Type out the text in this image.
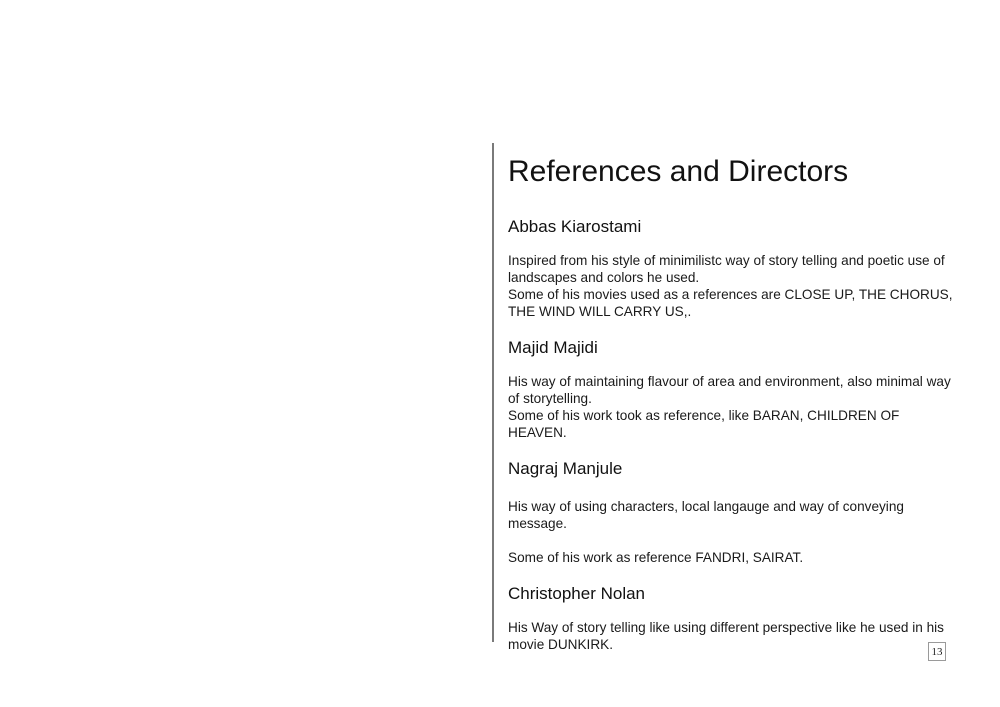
References and Directors
Abbas Kiarostami

Inspired from his style of minimilistc way of story telling and poetic use of landscapes and colors he used.

Some of his movies used as a references are CLOSE UP, THE CHORUS, THE WIND WILL CARRY US,.

Majid Majidi

His way of maintaining flavour of area and environment, also minimal way of storytelling.

Some of his work took as reference, like BARAN, CHILDREN OF HEAVEN.

Nagraj Manjule

His way of using characters, local langauge and way of conveying message.

Some of his work as reference FANDRI, SAIRAT.

Christopher Nolan

His Way of story telling like using different perspective like he used in his movie DUNKIRK.	13
